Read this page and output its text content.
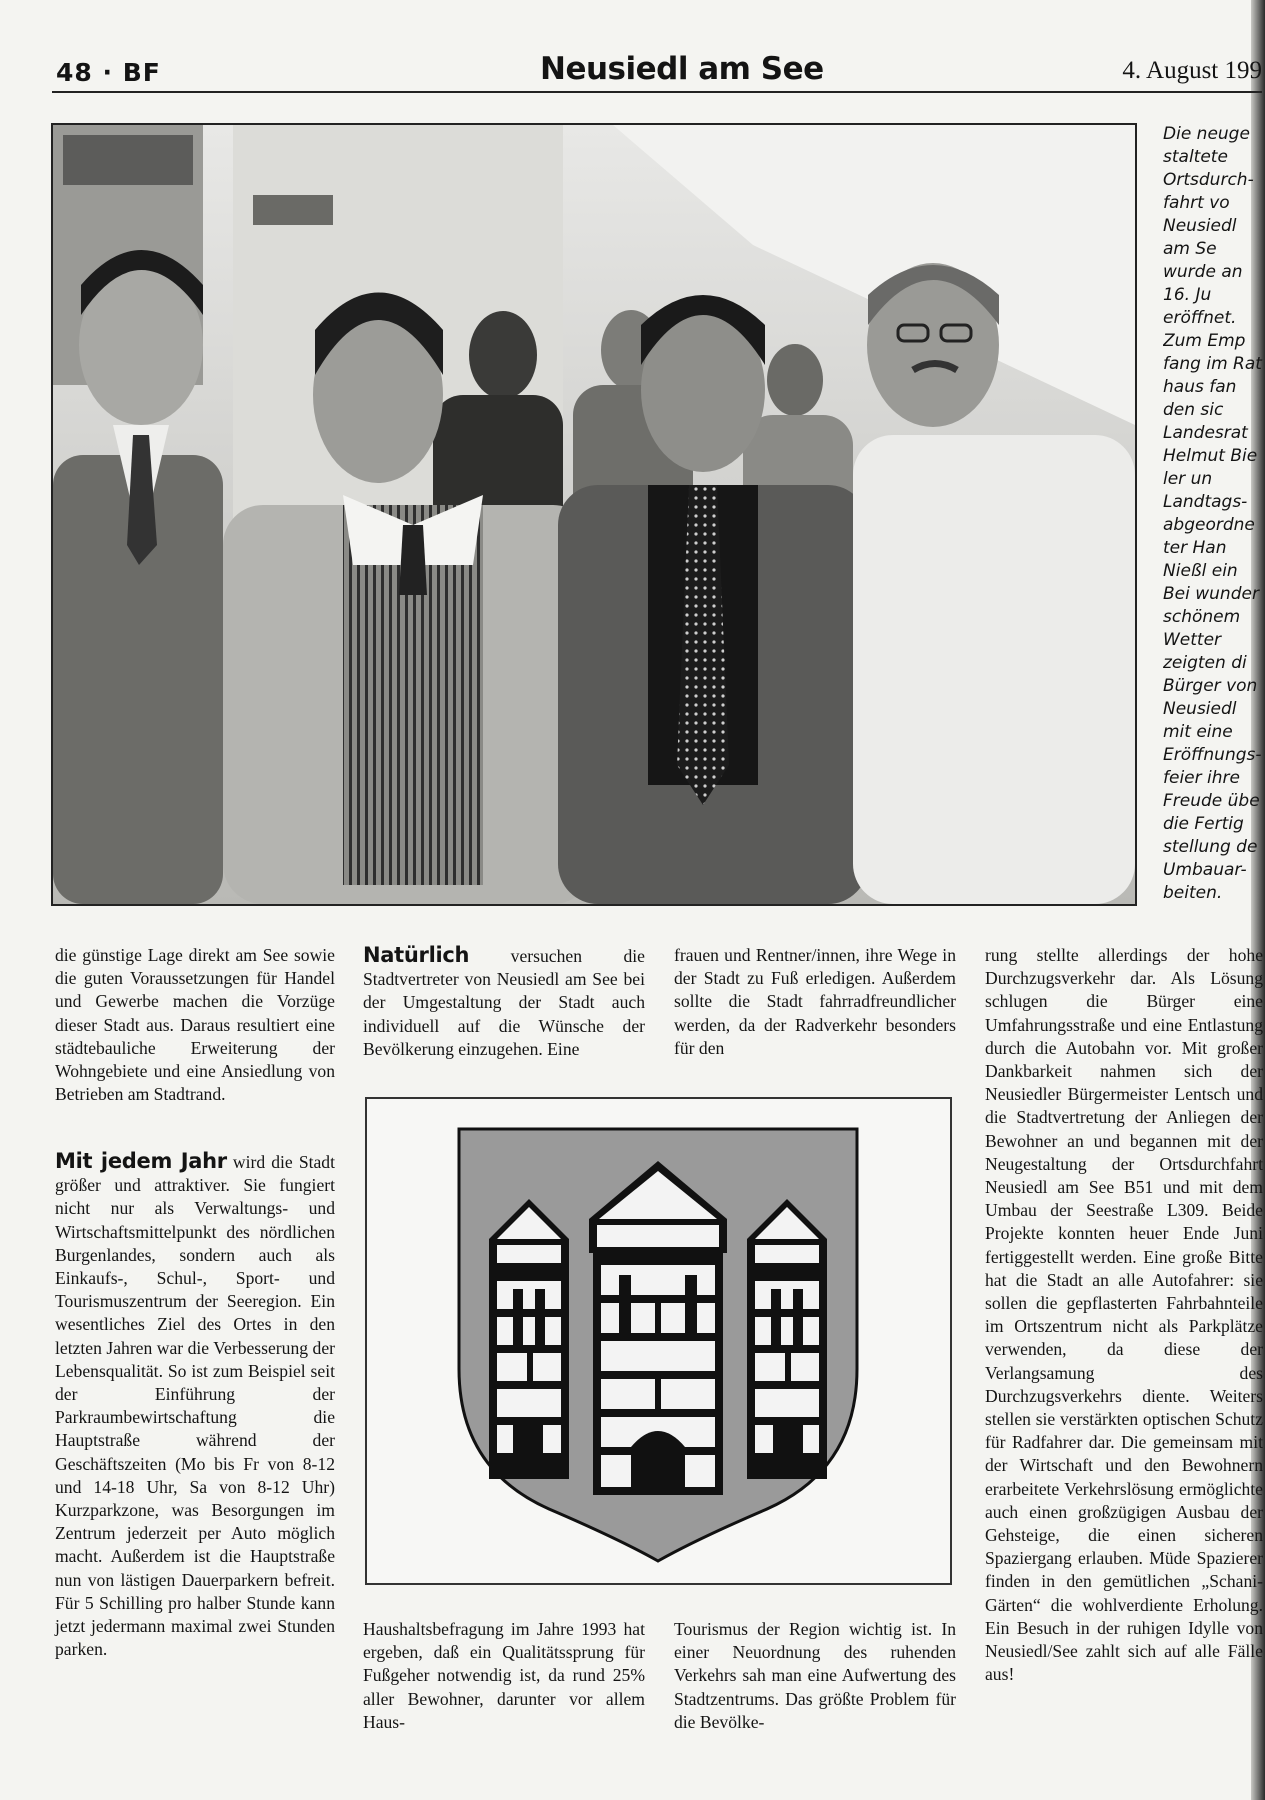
48 · BF	Neusiedl am See	4. August 199
Die neuge
staltete
Ortsdurch-
fahrt vo
Neusiedl
am Se
wurde an
16. Ju
eröffnet.
Zum Emp
fang im Rat
haus fan
den sic
Landesrat
Helmut Bie
ler un
Landtags-
abgeordne
ter Han
Nießl ein
Bei wunder
schönem
Wetter
zeigten di
Bürger von
Neusiedl
mit eine
Eröffnungs-
feier ihre
Freude übe
die Fertig
stellung de
Umbauar-
beiten.

die günstige Lage direkt am See sowie die guten Voraussetzungen für Handel und Gewerbe machen die Vorzüge dieser Stadt aus. Daraus resultiert eine städtebauliche Erweiterung der Wohngebiete und eine Ansiedlung von Betrieben am Stadtrand.

Mit jedem Jahr wird die Stadt größer und attraktiver. Sie fungiert nicht nur als Verwaltungs- und Wirtschaftsmittelpunkt des nördlichen Burgenlandes, sondern auch als Einkaufs-, Schul-, Sport- und Tourismuszentrum der Seeregion. Ein wesentliches Ziel des Ortes in den letzten Jahren war die Verbesserung der Lebensqualität. So ist zum Beispiel seit der Einführung der Parkraumbewirtschaftung die Hauptstraße während der Geschäftszeiten (Mo bis Fr von 8-12 und 14-18 Uhr, Sa von 8-12 Uhr) Kurzparkzone, was Besorgungen im Zentrum jederzeit per Auto möglich macht. Außerdem ist die Hauptstraße nun von lästigen Dauerparkern befreit. Für 5 Schilling pro halber Stunde kann jetzt jedermann maximal zwei Stunden parken.

Natürlich versuchen die Stadtvertreter von Neusiedl am See bei der Umgestaltung der Stadt auch individuell auf die Wünsche der Bevölkerung einzugehen. Eine

frauen und Rentner/innen, ihre Wege in der Stadt zu Fuß erledigen. Außerdem sollte die Stadt fahrradfreundlicher werden, da der Radverkehr besonders für den

Haushaltsbefragung im Jahre 1993 hat ergeben, daß ein Qualitätssprung für Fußgeher notwendig ist, da rund 25% aller Bewohner, darunter vor allem Haus-

Tourismus der Region wichtig ist. In einer Neuordnung des ruhenden Verkehrs sah man eine Aufwertung des Stadtzentrums. Das größte Problem für die Bevölke-

rung stellte allerdings der hohe Durchzugsverkehr dar. Als Lösung schlugen die Bürger eine Umfahrungsstraße und eine Entlastung durch die Autobahn vor. Mit großer Dankbarkeit nahmen sich der Neusiedler Bürgermeister Lentsch und die Stadtvertretung der Anliegen der Bewohner an und begannen mit der Neugestaltung der Ortsdurchfahrt Neusiedl am See B51 und mit dem Umbau der Seestraße L309. Beide Projekte konnten heuer Ende Juni fertiggestellt werden. Eine große Bitte hat die Stadt an alle Autofahrer: sie sollen die gepflasterten Fahrbahnteile im Ortszentrum nicht als Parkplätze verwenden, da diese der Verlangsamung des Durchzugsverkehrs diente. Weiters stellen sie verstärkten optischen Schutz für Radfahrer dar. Die gemeinsam mit der Wirtschaft und den Bewohnern erarbeitete Verkehrslösung ermöglichte auch einen großzügigen Ausbau der Gehsteige, die einen sicheren Spaziergang erlauben. Müde Spazierer finden in den gemütlichen „Schani-Gärten“ die wohlverdiente Erholung. Ein Besuch in der ruhigen Idylle von Neusiedl/See zahlt sich auf alle Fälle aus!
